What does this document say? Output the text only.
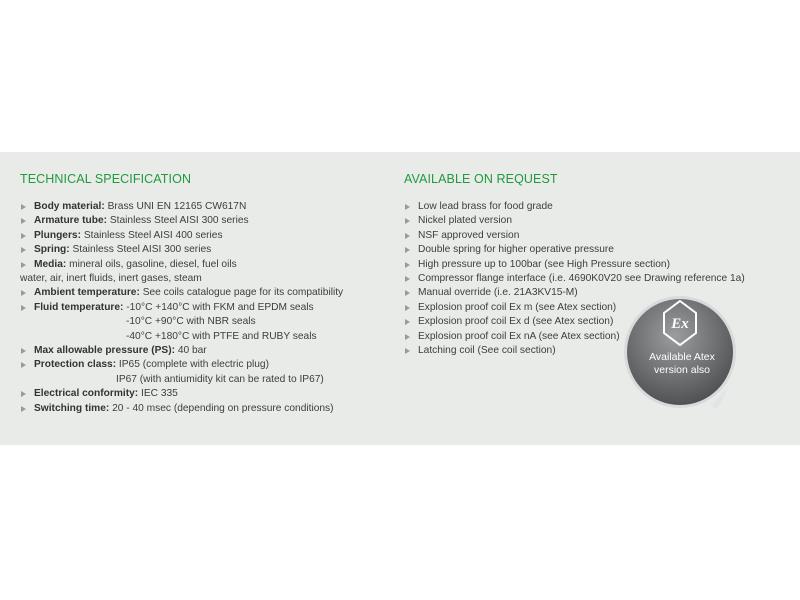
TECHNICAL SPECIFICATION
Body material: Brass UNI EN 12165 CW617N
Armature tube: Stainless Steel AISI 300 series
Plungers: Stainless Steel AISI 400 series
Spring: Stainless Steel AISI 300 series
Media: mineral oils, gasoline, diesel, fuel oils
water, air, inert fluids, inert gases, steam
Ambient temperature: See coils catalogue page for its compatibility
Fluid temperature: -10°C +140°C with FKM and EPDM seals
-10°C +90°C with NBR seals
-40°C +180°C with PTFE and RUBY seals
Max allowable pressure (PS): 40 bar
Protection class: IP65 (complete with electric plug)
IP67 (with antiumidity kit can be rated to IP67)
Electrical conformity: IEC 335
Switching time: 20 - 40 msec (depending on pressure conditions)
AVAILABLE ON REQUEST
Low lead brass for food grade
Nickel plated version
NSF approved version
Double spring for higher operative pressure
High pressure up to 100bar (see High Pressure section)
Compressor flange interface (i.e. 4690K0V20 see Drawing reference 1a)
Manual override (i.e. 21A3KV15-M)
Explosion proof coil Ex m (see Atex section)
Explosion proof coil Ex d (see Atex section)
Explosion proof coil Ex nA (see Atex section)
Latching coil (See coil section)
Ex
Available Atex
version also
